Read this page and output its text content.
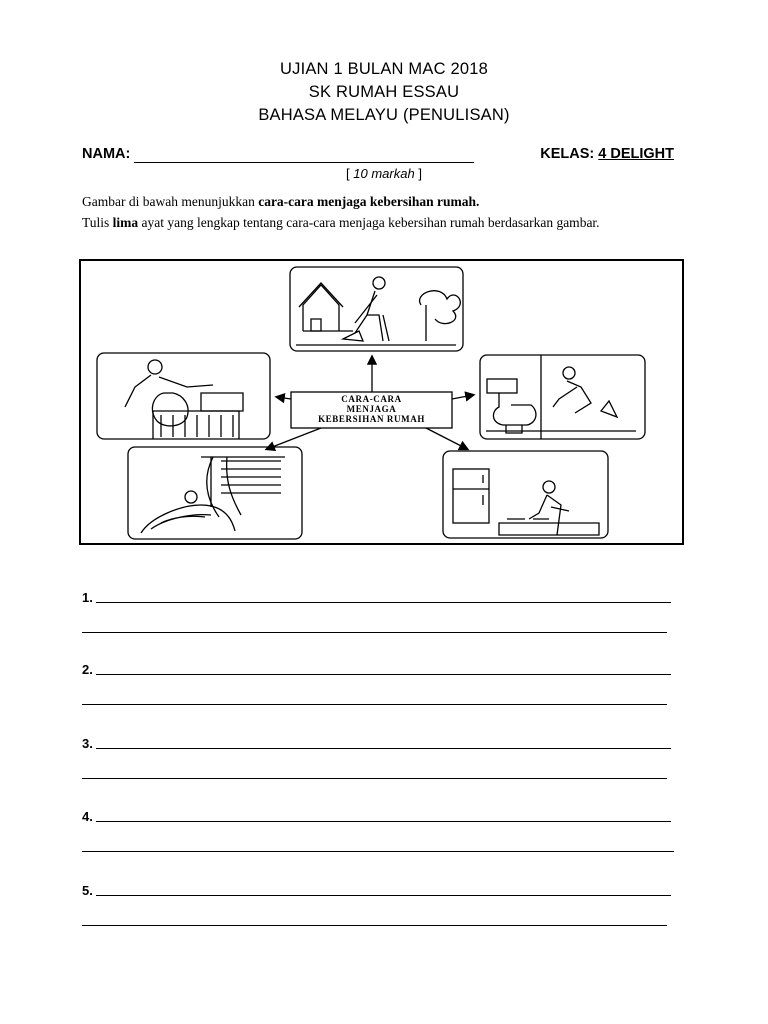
UJIAN 1 BULAN MAC 2018
SK RUMAH ESSAU
BAHASA MELAYU (PENULISAN)
NAMA:	KELAS: 4 DELIGHT
[ 10 markah ]
Gambar di bawah menunjukkan cara-cara menjaga kebersihan rumah.
Tulis lima ayat yang lengkap tentang cara-cara menjaga kebersihan rumah berdasarkan gambar.
CARA-CARA
MENJAGA
KEBERSIHAN RUMAH
1.
2.
3.
4.
5.
